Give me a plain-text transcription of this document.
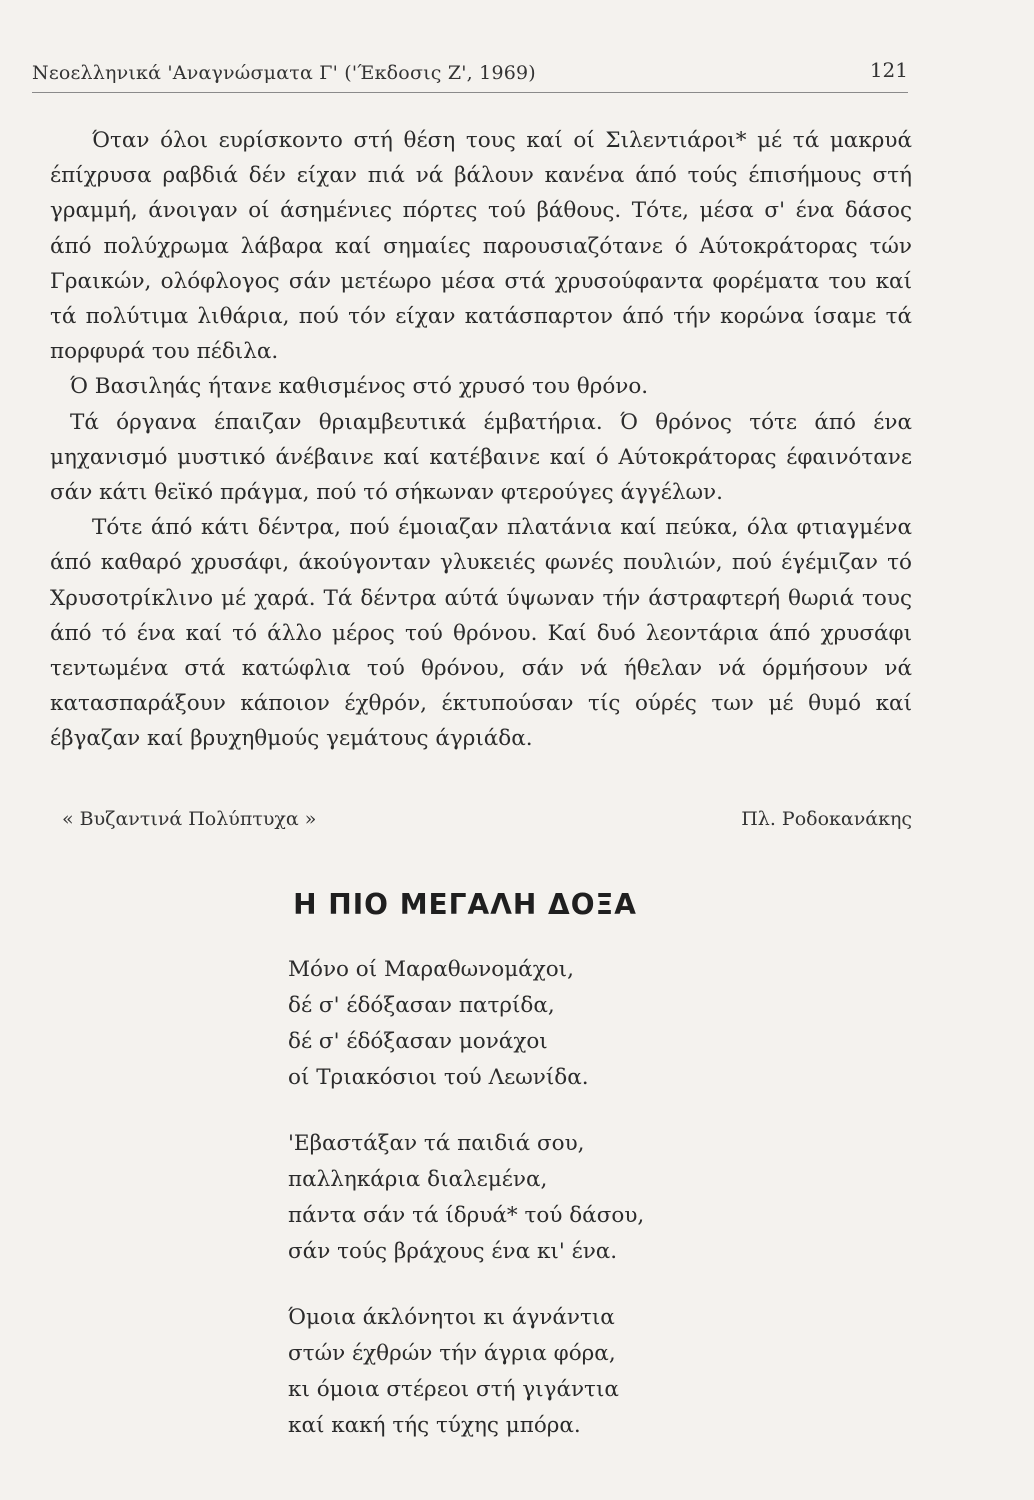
Νεοελληνικά 'Αναγνώσματα Γ' ('Έκδοσις Ζ', 1969)	121

Όταν όλοι ευρίσκοντο στή θέση τους καί οί Σιλεντιάροι* μέ τά μακρυά έπίχρυσα ραβδιά δέν είχαν πιά νά βάλουν κανένα άπό τούς έπισήμους στή γραμμή, άνοιγαν οί άσημένιες πόρτες τού βάθους. Τότε, μέσα σ' ένα δάσος άπό πολύχρωμα λάβαρα καί σημαίες παρουσιαζότανε ό Αύτοκράτορας τών Γραικών, ολόφλογος σάν μετέωρο μέσα στά χρυσούφαντα φορέματα του καί τά πολύτιμα λιθάρια, πού τόν είχαν κατάσπαρτον άπό τήν κορώνα ίσαμε τά πορφυρά του πέδιλα.

Ό Βασιληάς ήτανε καθισμένος στό χρυσό του θρόνο.

Τά όργανα έπαιζαν θριαμβευτικά έμβατήρια. Ό θρόνος τότε άπό ένα μηχανισμό μυστικό άνέβαινε καί κατέβαινε καί ό Αύτοκράτορας έφαινότανε σάν κάτι θεϊκό πράγμα, πού τό σήκωναν φτερούγες άγγέλων.

Τότε άπό κάτι δέντρα, πού έμοιαζαν πλατάνια καί πεύκα, όλα φτιαγμένα άπό καθαρό χρυσάφι, άκούγονταν γλυκειές φωνές πουλιών, πού έγέμιζαν τό Χρυσοτρίκλινο μέ χαρά. Τά δέντρα αύτά ύψωναν τήν άστραφτερή θωριά τους άπό τό ένα καί τό άλλο μέρος τού θρόνου. Καί δυό λεοντάρια άπό χρυσάφι τεντωμένα στά κατώφλια τού θρόνου, σάν νά ήθελαν νά όρμήσουν νά κατασπαράξουν κάποιον έχθρόν, έκτυπούσαν τίς ούρές των μέ θυμό καί έβγαζαν καί βρυχηθμούς γεμάτους άγριάδα.

« Βυζαντινά Πολύπτυχα »	Πλ. Ροδοκανάκης
Η ΠΙΟ ΜΕΓΑΛΗ ΔΟΞΑ
Μόνο οί Μαραθωνομάχοι,
δέ σ' έδόξασαν πατρίδα,
δέ σ' έδόξασαν μονάχοι
οί Τριακόσιοι τού Λεωνίδα.
'Εβαστάξαν τά παιδιά σου,
παλληκάρια διαλεμένα,
πάντα σάν τά ίδρυά* τού δάσου,
σάν τούς βράχους ένα κι' ένα.
Όμοια άκλόνητοι κι άγνάντια
στών έχθρών τήν άγρια φόρα,
κι όμοια στέρεοι στή γιγάντια
καί κακή τής τύχης μπόρα.
